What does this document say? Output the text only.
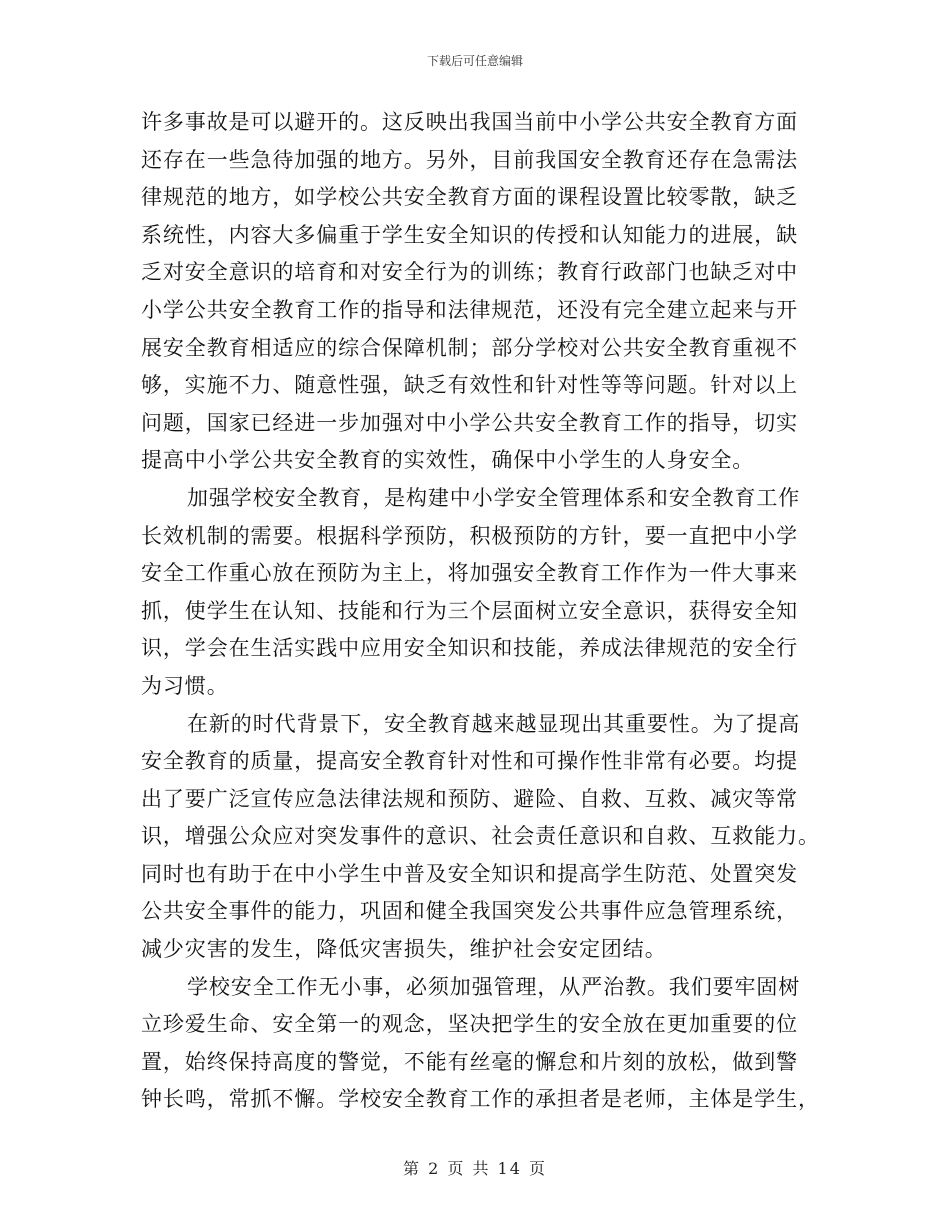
下载后可任意编辑
许多事故是可以避开的。这反映出我国当前中小学公共安全教育方面
还存在一些急待加强的地方。另外，目前我国安全教育还存在急需法
律规范的地方，如学校公共安全教育方面的课程设置比较零散，缺乏
系统性，内容大多偏重于学生安全知识的传授和认知能力的进展，缺
乏对安全意识的培育和对安全行为的训练；教育行政部门也缺乏对中
小学公共安全教育工作的指导和法律规范，还没有完全建立起来与开
展安全教育相适应的综合保障机制；部分学校对公共安全教育重视不
够，实施不力、随意性强，缺乏有效性和针对性等等问题。针对以上
问题，国家已经进一步加强对中小学公共安全教育工作的指导，切实
提高中小学公共安全教育的实效性，确保中小学生的人身安全。
加强学校安全教育，是构建中小学安全管理体系和安全教育工作
长效机制的需要。根据科学预防，积极预防的方针，要一直把中小学
安全工作重心放在预防为主上，将加强安全教育工作作为一件大事来
抓，使学生在认知、技能和行为三个层面树立安全意识，获得安全知
识，学会在生活实践中应用安全知识和技能，养成法律规范的安全行
为习惯。
在新的时代背景下，安全教育越来越显现出其重要性。为了提高
安全教育的质量，提高安全教育针对性和可操作性非常有必要。均提
出了要广泛宣传应急法律法规和预防、避险、自救、互救、减灾等常
识，增强公众应对突发事件的意识、社会责任意识和自救、互救能力。
同时也有助于在中小学生中普及安全知识和提高学生防范、处置突发
公共安全事件的能力，巩固和健全我国突发公共事件应急管理系统，
减少灾害的发生，降低灾害损失，维护社会安定团结。
学校安全工作无小事，必须加强管理，从严治教。我们要牢固树
立珍爱生命、安全第一的观念，坚决把学生的安全放在更加重要的位
置，始终保持高度的警觉，不能有丝毫的懈怠和片刻的放松，做到警
钟长鸣，常抓不懈。学校安全教育工作的承担者是老师，主体是学生，
第 2 页 共 14 页
